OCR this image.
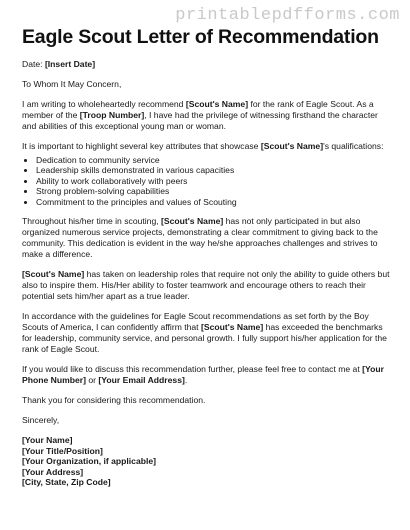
printablepdfforms.com
Eagle Scout Letter of Recommendation

Date: [Insert Date]

To Whom It May Concern,

I am writing to wholeheartedly recommend [Scout's Name] for the rank of Eagle Scout. As a member of the [Troop Number], I have had the privilege of witnessing firsthand the character and abilities of this exceptional young man or woman.

It is important to highlight several key attributes that showcase [Scout's Name]'s qualifications:

• Dedication to community service
• Leadership skills demonstrated in various capacities
• Ability to work collaboratively with peers
• Strong problem-solving capabilities
• Commitment to the principles and values of Scouting

Throughout his/her time in scouting, [Scout's Name] has not only participated in but also organized numerous service projects, demonstrating a clear commitment to giving back to the community. This dedication is evident in the way he/she approaches challenges and strives to make a difference.

[Scout's Name] has taken on leadership roles that require not only the ability to guide others but also to inspire them. His/Her ability to foster teamwork and encourage others to reach their potential sets him/her apart as a true leader.

In accordance with the guidelines for Eagle Scout recommendations as set forth by the Boy Scouts of America, I can confidently affirm that [Scout's Name] has exceeded the benchmarks for leadership, community service, and personal growth. I fully support his/her application for the rank of Eagle Scout.

If you would like to discuss this recommendation further, please feel free to contact me at [Your Phone Number] or [Your Email Address].

Thank you for considering this recommendation.

Sincerely,

[Your Name]
[Your Title/Position]
[Your Organization, if applicable]
[Your Address]
[City, State, Zip Code]
